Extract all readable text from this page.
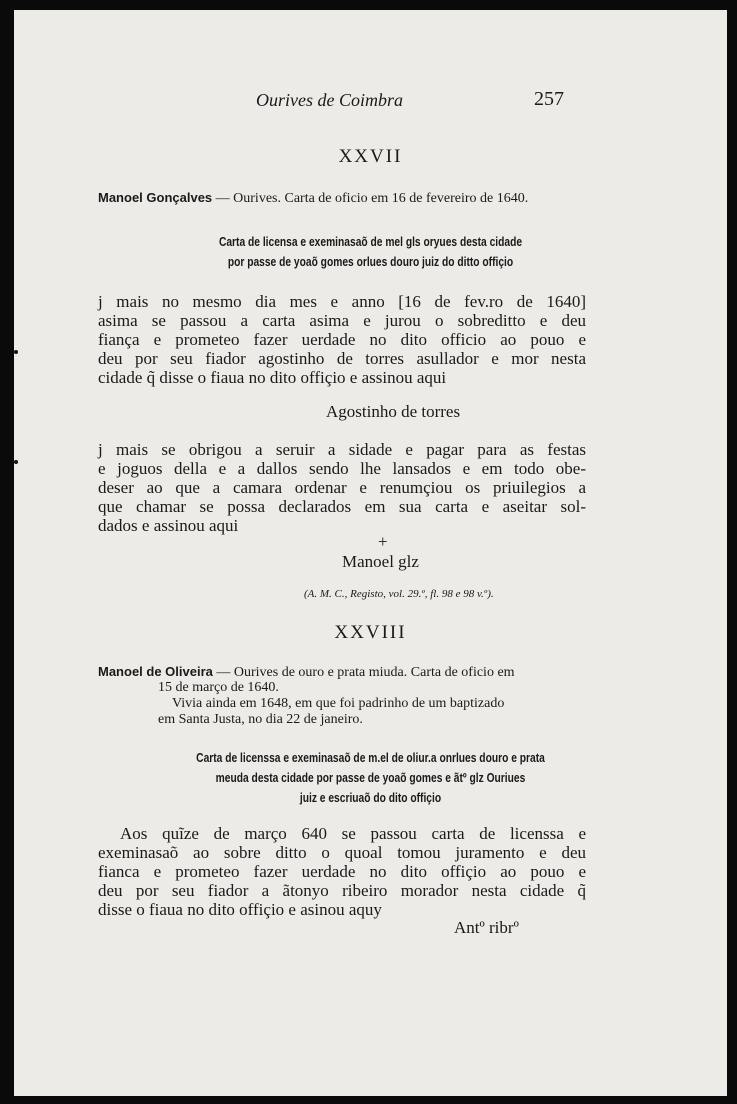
Ourives de Coimbra	257
XXVII
Manoel Gonçalves — Ourives. Carta de oficio em 16 de fevereiro de 1640.
Carta de licensa e exeminasaõ de mel gls oryues desta cidade
por passe de yoaõ gomes orlues douro juiz do ditto offiçio
j mais no mesmo dia mes e anno [16 de fev.ro de 1640]
asima se passou a carta asima e jurou o sobreditto e deu
fiança e prometeo fazer uerdade no dito officio ao pouo e
deu por seu fiador agostinho de torres asullador e mor nesta
cidade q̃ disse o fiaua no dito offiçio e assinou aqui
Agostinho de torres
j mais se obrigou a seruir a sidade e pagar para as festas
e joguos della e a dallos sendo lhe lansados e em todo obe-
deser ao que a camara ordenar e renumçiou os priuilegios a
que chamar se possa declarados em sua carta e aseitar sol-
dados e assinou aqui
+
Manoel glz
(A. M. C., Registo, vol. 29.º, fl. 98 e 98 v.º).
XXVIII
Manoel de Oliveira — Ourives de ouro e prata miuda. Carta de oficio em
15 de março de 1640.
Vivia ainda em 1648, em que foi padrinho de um baptizado
em Santa Justa, no dia 22 de janeiro.
Carta de licenssa e exeminasaõ de m.el de oliur.a onrlues douro e prata
meuda desta cidade por passe de yoaõ gomes e ãtº glz Ouriues
juiz e escriuaõ do dito offiçio
Aos quĩze de março 640 se passou carta de licenssa e
exeminasaõ ao sobre ditto o quoal tomou juramento e deu
fianca e prometeo fazer uerdade no dito offiçio ao pouo e
deu por seu fiador a ãtonyo ribeiro morador nesta cidade q̃
disse o fiaua no dito offiçio e asinou aquy
Antº ribrº
